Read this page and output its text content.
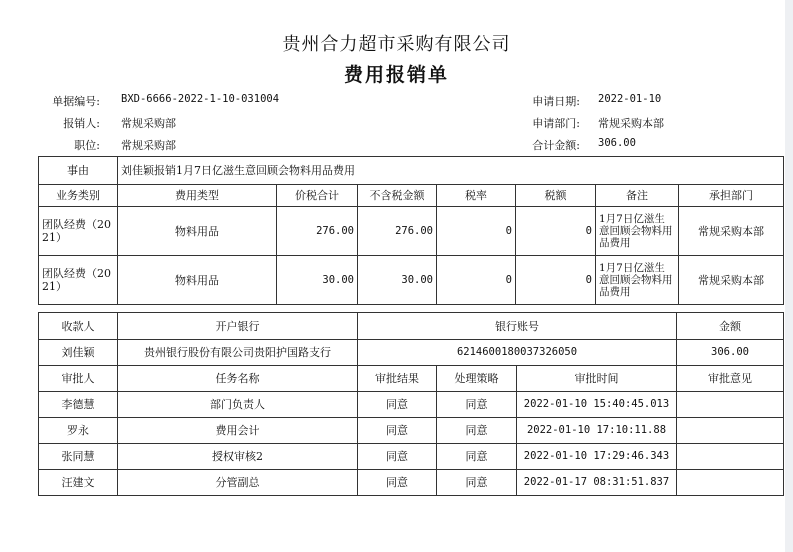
贵州合力超市采购有限公司
费用报销单
单据编号: BXD-6666-2022-1-10-031004
报销人: 常规采购部
职位: 常规采购部
申请日期: 2022-01-10
申请部门: 常规采购本部
合计金额: 306.00
事由	刘佳颖报销1月7日亿滋生意回顾会物料用品费用						
业务类别	费用类型	价税合计	不含税金额	税率	税额	备注	承担部门
团队经费（2021）	物料用品	276.00	276.00	0	0	1月7日亿滋生意回顾会物料用品费用	常规采购本部
团队经费（2021）	物料用品	30.00	30.00	0	0	1月7日亿滋生意回顾会物料用品费用	常规采购本部
收款人	开户银行	银行账号			金额
刘佳颖	贵州银行股份有限公司贵阳护国路支行	6214600180037326050			306.00
审批人	任务名称	审批结果	处理策略	审批时间	审批意见
李德慧	部门负责人	同意	同意	2022-01-10 15:40:45.013	
罗永	费用会计	同意	同意	2022-01-10 17:10:11.88	
张同慧	授权审核2	同意	同意	2022-01-10 17:29:46.343	
汪建文	分管副总	同意	同意	2022-01-17 08:31:51.837	
